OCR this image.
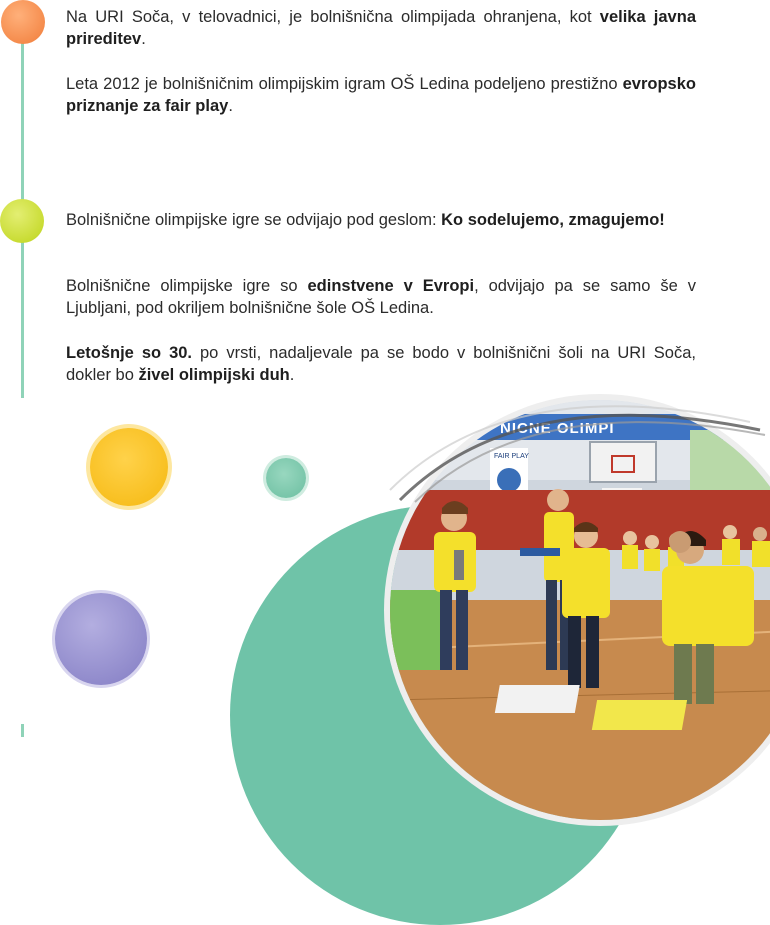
Na URI Soča, v telovadnici, je bolnišnična olimpijada ohranjena, kot velika javna prireditev.

Leta 2012 je bolnišničnim olimpijskim igram OŠ Ledina podeljeno prestižno evropsko priznanje za fair play.

Bolnišnične olimpijske igre se odvijajo pod geslom: Ko sodelujemo, zmagujemo!

Bolnišnične olimpijske igre so edinstvene v Evropi, odvijajo pa se samo še v Ljubljani, pod okriljem bolnišnične šole OŠ Ledina.

Letošnje so 30. po vrsti, nadaljevale pa se bodo v bolnišnični šoli na URI Soča, dokler bo živel olimpijski duh.

NICNE OLIMPI
FAIR PLAY
